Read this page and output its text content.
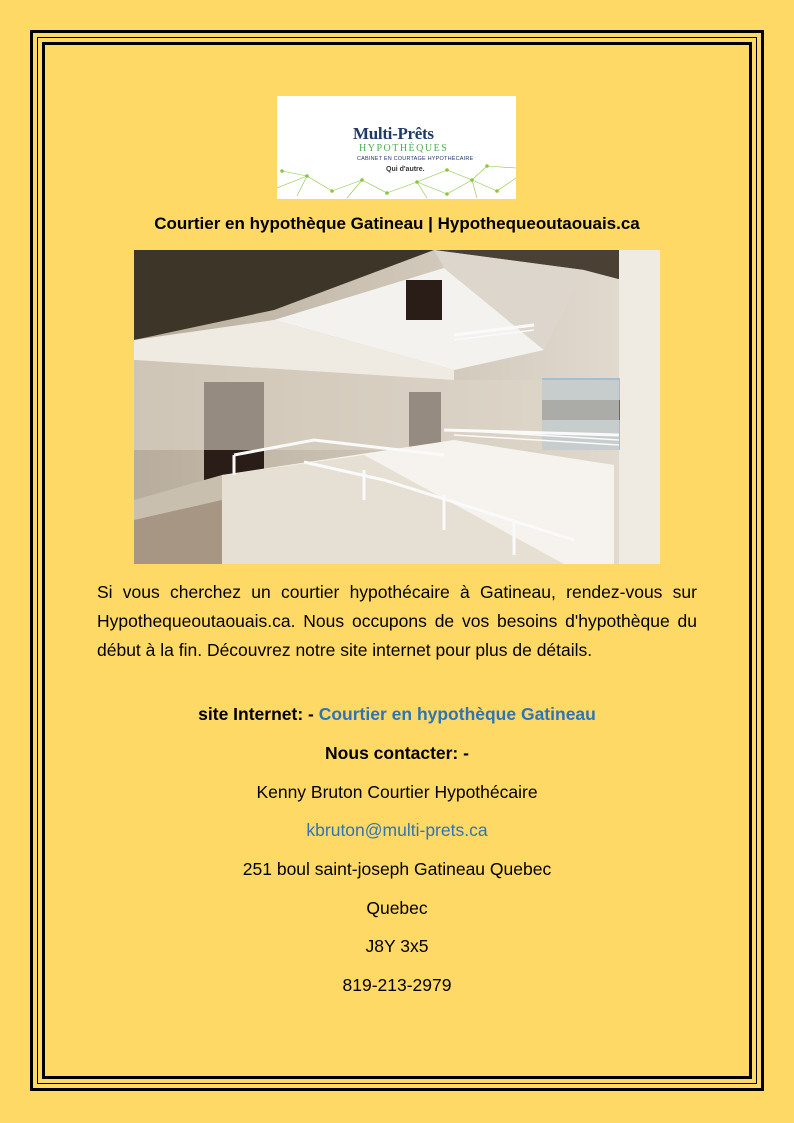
Multi-Prêts
HYPOTHÈQUES
CABINET EN COURTAGE HYPOTHÉCAIRE
Qui d'autre.
Courtier en hypothèque Gatineau | Hypothequeoutaouais.ca

Si vous cherchez un courtier hypothécaire à Gatineau, rendez-vous sur Hypothequeoutaouais.ca. Nous occupons de vos besoins d'hypothèque du début à la fin. Découvrez notre site internet pour plus de détails.

site Internet: - Courtier en hypothèque Gatineau
Nous contacter: -
Kenny Bruton Courtier Hypothécaire
kbruton@multi-prets.ca
251 boul saint-joseph Gatineau Quebec
Quebec
J8Y 3x5
819-213-2979
